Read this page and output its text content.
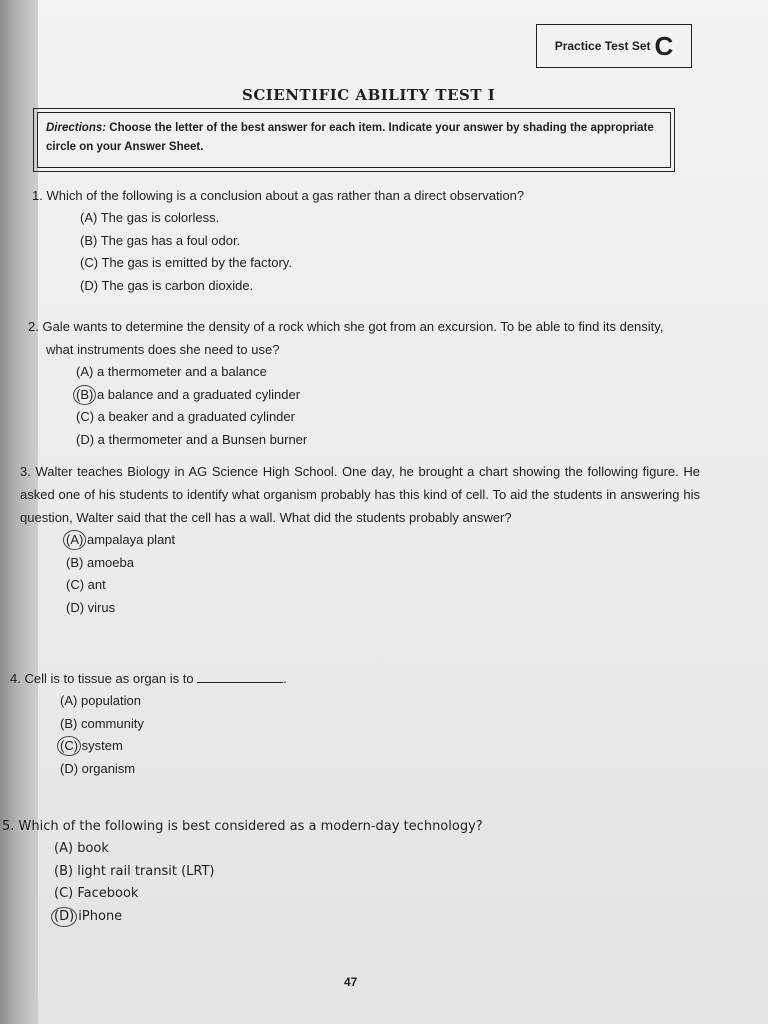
Practice Test Set C
SCIENTIFIC ABILITY TEST I
Directions: Choose the letter of the best answer for each item. Indicate your answer by shading the appropriate circle on your Answer Sheet.
1. Which of the following is a conclusion about a gas rather than a direct observation?
(A) The gas is colorless.
(B) The gas has a foul odor.
(C) The gas is emitted by the factory.
(D) The gas is carbon dioxide.
2. Gale wants to determine the density of a rock which she got from an excursion. To be able to find its density, what instruments does she need to use?
(A) a thermometer and a balance
(B) a balance and a graduated cylinder
(C) a beaker and a graduated cylinder
(D) a thermometer and a Bunsen burner
3. Walter teaches Biology in AG Science High School. One day, he brought a chart showing the following figure. He asked one of his students to identify what organism probably has this kind of cell. To aid the students in answering his question, Walter said that the cell has a wall. What did the students probably answer?
(A) ampalaya plant
(B) amoeba
(C) ant
(D) virus
4. Cell is to tissue as organ is to	.
(A) population
(B) community
(C) system
(D) organism
5. Which of the following is best considered as a modern-day technology?
(A) book
(B) light rail transit (LRT)
(C) Facebook
(D) iPhone
47
